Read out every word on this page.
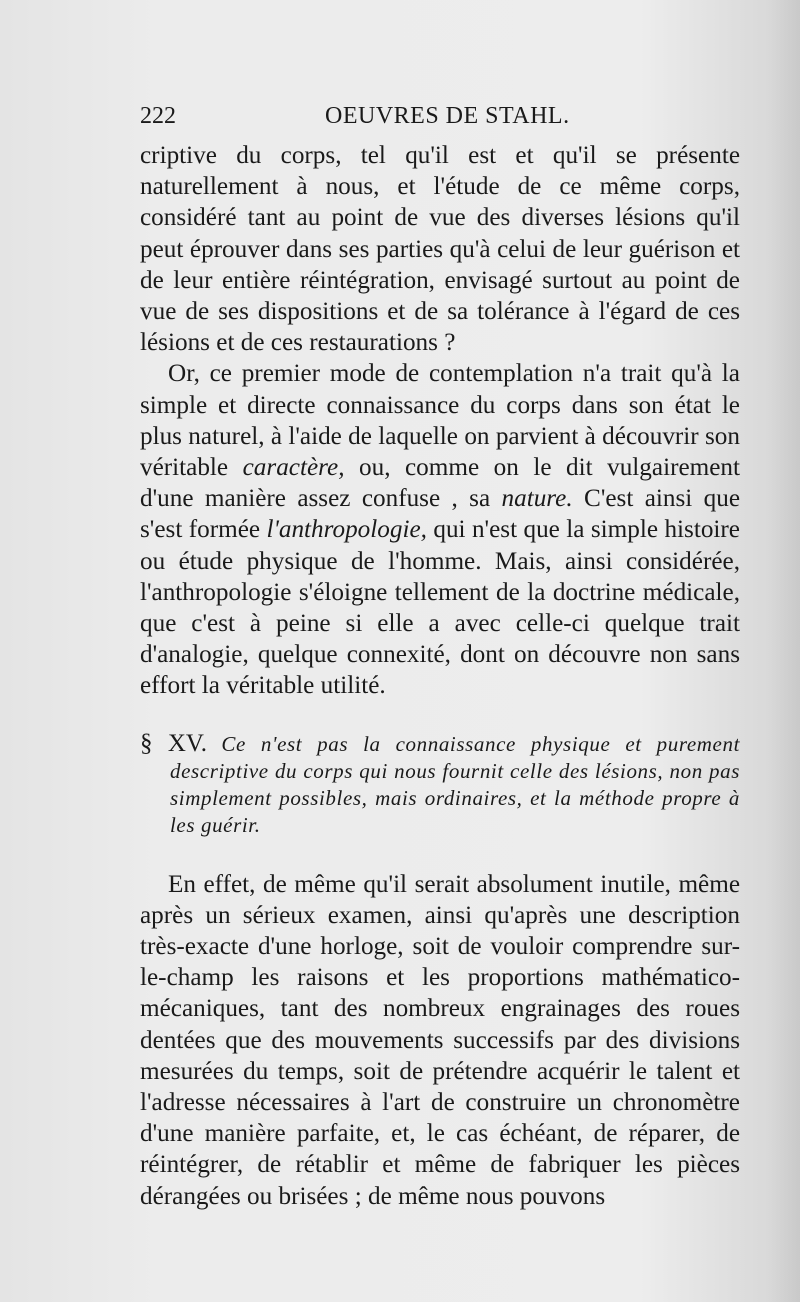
222	OEUVRES DE STAHL.

criptive du corps, tel qu'il est et qu'il se présente naturellement à nous, et l'étude de ce même corps, considéré tant au point de vue des diverses lésions qu'il peut éprouver dans ses parties qu'à celui de leur guérison et de leur entière réintégration, envisagé surtout au point de vue de ses dispositions et de sa tolérance à l'égard de ces lésions et de ces restaurations ?

Or, ce premier mode de contemplation n'a trait qu'à la simple et directe connaissance du corps dans son état le plus naturel, à l'aide de laquelle on parvient à découvrir son véritable caractère, ou, comme on le dit vulgairement d'une manière assez confuse , sa nature. C'est ainsi que s'est formée l'anthropologie, qui n'est que la simple histoire ou étude physique de l'homme. Mais, ainsi considérée, l'anthropologie s'éloigne tellement de la doctrine médicale, que c'est à peine si elle a avec celle-ci quelque trait d'analogie, quelque connexité, dont on découvre non sans effort la véritable utilité.

§ XV. Ce n'est pas la connaissance physique et purement descriptive du corps qui nous fournit celle des lésions, non pas simplement possibles, mais ordinaires, et la méthode propre à les guérir.

En effet, de même qu'il serait absolument inutile, même après un sérieux examen, ainsi qu'après une description très-exacte d'une horloge, soit de vouloir comprendre sur-le-champ les raisons et les proportions mathématico-mécaniques, tant des nombreux engrainages des roues dentées que des mouvements successifs par des divisions mesurées du temps, soit de prétendre acquérir le talent et l'adresse nécessaires à l'art de construire un chronomètre d'une manière parfaite, et, le cas échéant, de réparer, de réintégrer, de rétablir et même de fabriquer les pièces dérangées ou brisées ; de même nous pouvons
